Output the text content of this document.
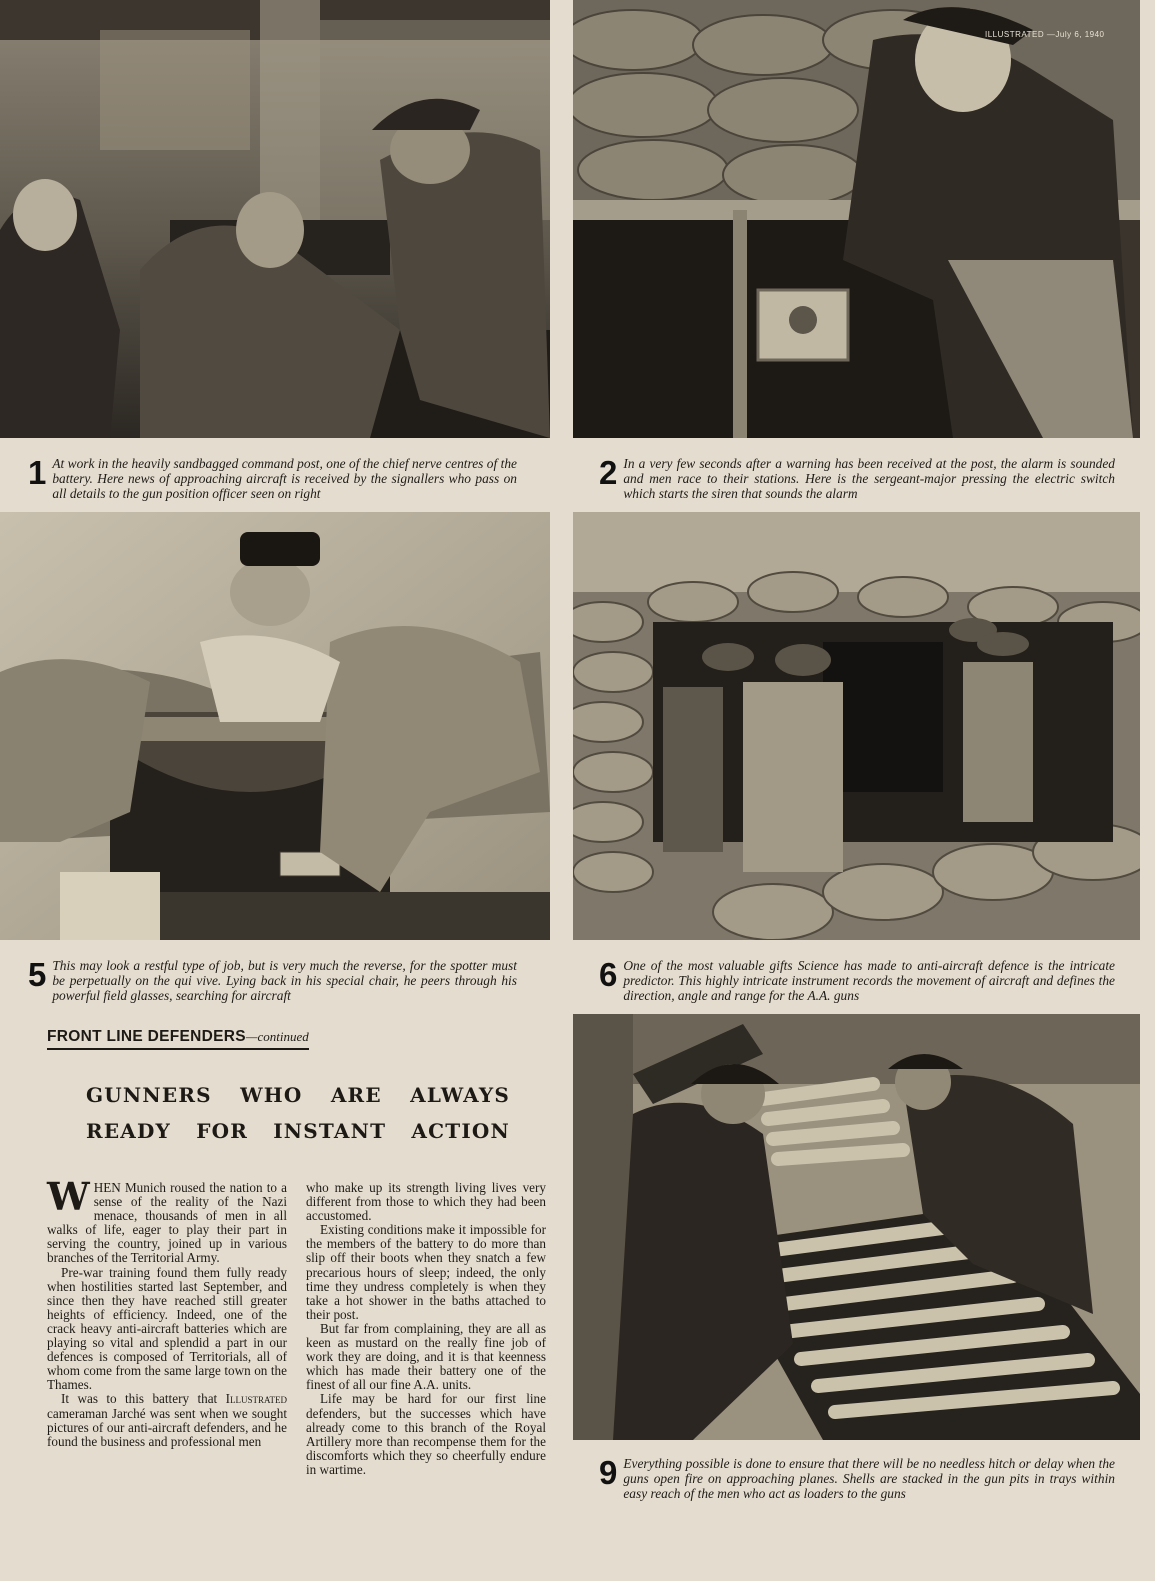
ILLUSTRATED —July 6, 1940
1 At work in the heavily sandbagged command post, one of the chief nerve centres of the battery. Here news of approaching aircraft is received by the signallers who pass on all details to the gun position officer seen on right
2 In a very few seconds after a warning has been received at the post, the alarm is sounded and men race to their stations. Here is the sergeant-major pressing the electric switch which starts the siren that sounds the alarm
5 This may look a restful type of job, but is very much the reverse, for the spotter must be perpetually on the qui vive. Lying back in his special chair, he peers through his powerful field glasses, searching for aircraft
6 One of the most valuable gifts Science has made to anti-aircraft defence is the intricate predictor. This highly intricate instrument records the movement of aircraft and defines the direction, angle and range for the A.A. guns
FRONT LINE DEFENDERS—continued
GUNNERS WHO ARE ALWAYS
READY FOR INSTANT ACTION

WHEN Munich roused the nation to a sense of the reality of the Nazi menace, thousands of men in all walks of life, eager to play their part in serving the country, joined up in various branches of the Territorial Army.

Pre-war training found them fully ready when hostilities started last September, and since then they have reached still greater heights of efficiency. Indeed, one of the crack heavy anti-aircraft batteries which are playing so vital and splendid a part in our defences is composed of Territorials, all of whom come from the same large town on the Thames.

It was to this battery that Illustrated cameraman Jarché was sent when we sought pictures of our anti-aircraft defenders, and he found the business and professional men

who make up its strength living lives very different from those to which they had been accustomed.

Existing conditions make it impossible for the members of the battery to do more than slip off their boots when they snatch a few precarious hours of sleep; indeed, the only time they undress completely is when they take a hot shower in the baths attached to their post.

But far from complaining, they are all as keen as mustard on the really fine job of work they are doing, and it is that keenness which has made their battery one of the finest of all our fine A.A. units.

Life may be hard for our first line defenders, but the successes which have already come to this branch of the Royal Artillery more than recompense them for the discomforts which they so cheerfully endure in wartime.	9 Everything possible is done to ensure that there will be no needless hitch or delay when the guns open fire on approaching planes. Shells are stacked in the gun pits in trays within easy reach of the men who act as loaders to the guns
